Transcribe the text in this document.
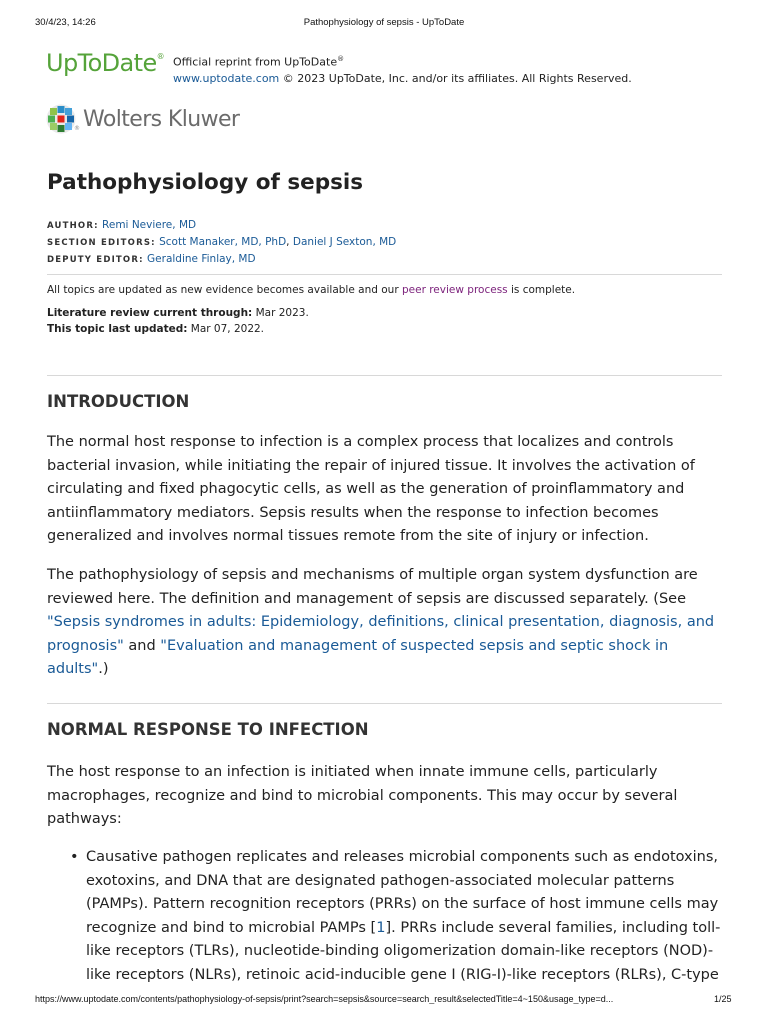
30/4/23, 14:26	Pathophysiology of sepsis - UpToDate
UpToDate® Official reprint from UpToDate®
www.uptodate.com © 2023 UpToDate, Inc. and/or its affiliates. All Rights Reserved.
® Wolters Kluwer
Pathophysiology of sepsis
AUTHOR: Remi Neviere, MD
SECTION EDITORS: Scott Manaker, MD, PhD, Daniel J Sexton, MD
DEPUTY EDITOR: Geraldine Finlay, MD
All topics are updated as new evidence becomes available and our peer review process is complete.
Literature review current through: Mar 2023.
This topic last updated: Mar 07, 2022.
INTRODUCTION

The normal host response to infection is a complex process that localizes and controls bacterial invasion, while initiating the repair of injured tissue. It involves the activation of circulating and fixed phagocytic cells, as well as the generation of proinflammatory and antiinflammatory mediators. Sepsis results when the response to infection becomes generalized and involves normal tissues remote from the site of injury or infection.

The pathophysiology of sepsis and mechanisms of multiple organ system dysfunction are reviewed here. The definition and management of sepsis are discussed separately. (See "Sepsis syndromes in adults: Epidemiology, definitions, clinical presentation, diagnosis, and prognosis" and "Evaluation and management of suspected sepsis and septic shock in adults".)

NORMAL RESPONSE TO INFECTION

The host response to an infection is initiated when innate immune cells, particularly macrophages, recognize and bind to microbial components. This may occur by several pathways:

• Causative pathogen replicates and releases microbial components such as endotoxins, exotoxins, and DNA that are designated pathogen-associated molecular patterns (PAMPs). Pattern recognition receptors (PRRs) on the surface of host immune cells may recognize and bind to microbial PAMPs [1]. PRRs include several families, including toll-like receptors (TLRs), nucleotide-binding oligomerization domain-like receptors (NOD)-like receptors (NLRs), retinoic acid-inducible gene I (RIG-I)-like receptors (RLRs), C-type
https://www.uptodate.com/contents/pathophysiology-of-sepsis/print?search=sepsis&source=search_result&selectedTitle=4~150&usage_type=d...	1/25
